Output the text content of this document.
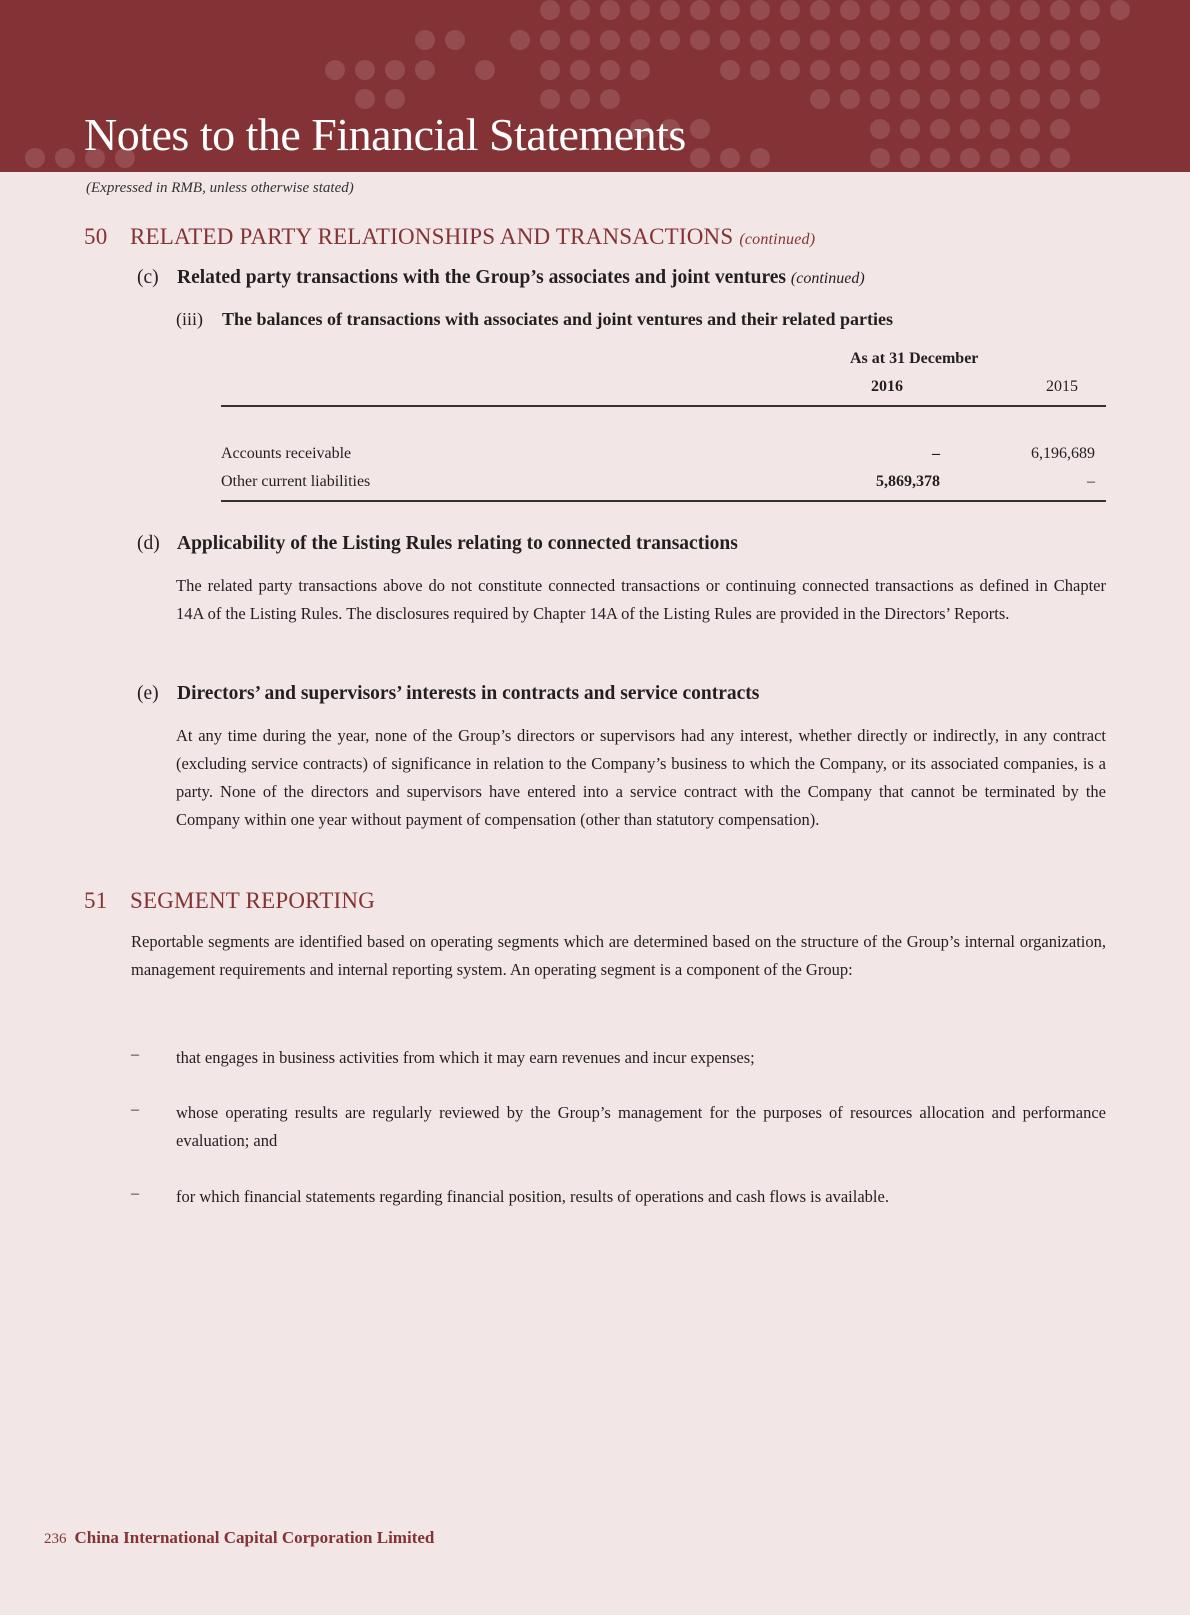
Notes to the Financial Statements
(Expressed in RMB, unless otherwise stated)
50 RELATED PARTY RELATIONSHIPS AND TRANSACTIONS (continued)
(c) Related party transactions with the Group’s associates and joint ventures (continued)
(iii) The balances of transactions with associates and joint ventures and their related parties
As at 31 December
2016	2015
Accounts receivable	–	6,196,689
Other current liabilities	5,869,378	–
(d) Applicability of the Listing Rules relating to connected transactions
The related party transactions above do not constitute connected transactions or continuing connected transactions as defined in Chapter 14A of the Listing Rules. The disclosures required by Chapter 14A of the Listing Rules are provided in the Directors’ Reports.
(e) Directors’ and supervisors’ interests in contracts and service contracts
At any time during the year, none of the Group’s directors or supervisors had any interest, whether directly or indirectly, in any contract (excluding service contracts) of significance in relation to the Company’s business to which the Company, or its associated companies, is a party. None of the directors and supervisors have entered into a service contract with the Company that cannot be terminated by the Company within one year without payment of compensation (other than statutory compensation).
51 SEGMENT REPORTING
Reportable segments are identified based on operating segments which are determined based on the structure of the Group’s internal organization, management requirements and internal reporting system. An operating segment is a component of the Group:
– that engages in business activities from which it may earn revenues and incur expenses;
– whose operating results are regularly reviewed by the Group’s management for the purposes of resources allocation and performance evaluation; and
– for which financial statements regarding financial position, results of operations and cash flows is available.
236 China International Capital Corporation Limited
